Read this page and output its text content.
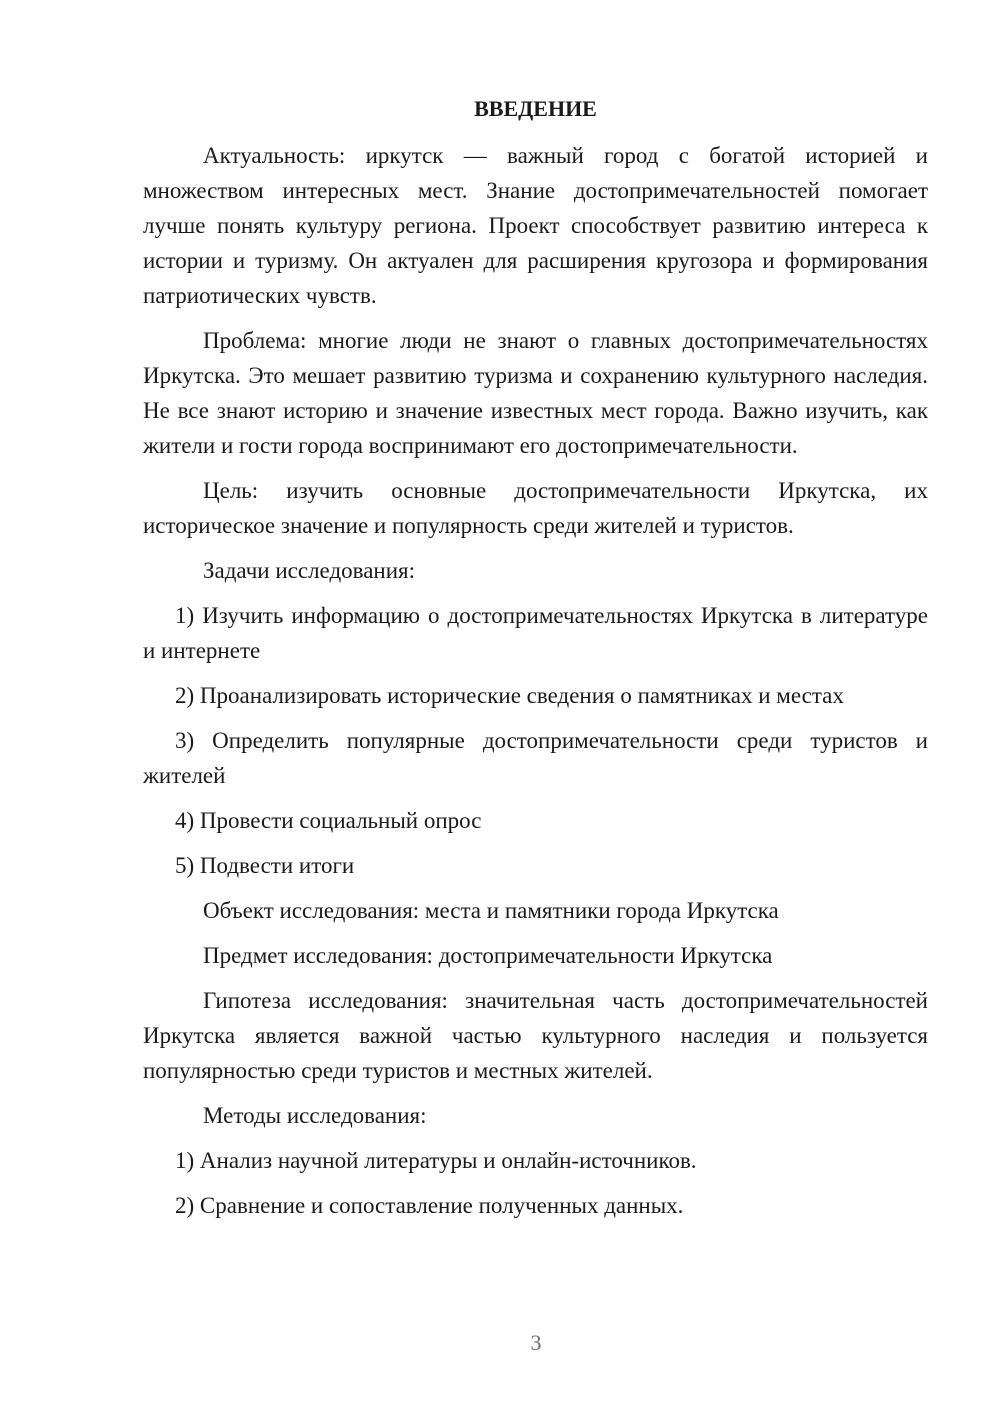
ВВЕДЕНИЕ

Актуальность: иркутск — важный город с богатой историей и множеством интересных мест. Знание достопримечательностей помогает лучше понять культуру региона. Проект способствует развитию интереса к истории и туризму. Он актуален для расширения кругозора и формирования патриотических чувств.

Проблема: многие люди не знают о главных достопримечательностях Иркутска. Это мешает развитию туризма и сохранению культурного наследия. Не все знают историю и значение известных мест города. Важно изучить, как жители и гости города воспринимают его достопримечательности.

Цель: изучить основные достопримечательности Иркутска, их историческое значение и популярность среди жителей и туристов.

Задачи исследования:

1) Изучить информацию о достопримечательностях Иркутска в литературе и интернете

2) Проанализировать исторические сведения о памятниках и местах

3) Определить популярные достопримечательности среди туристов и жителей

4) Провести социальный опрос

5) Подвести итоги

Объект исследования: места и памятники города Иркутска

Предмет исследования: достопримечательности Иркутска

Гипотеза исследования: значительная часть достопримечательностей Иркутска является важной частью культурного наследия и пользуется популярностью среди туристов и местных жителей.

Методы исследования:

1) Анализ научной литературы и онлайн-источников.

2) Сравнение и сопоставление полученных данных.

3
